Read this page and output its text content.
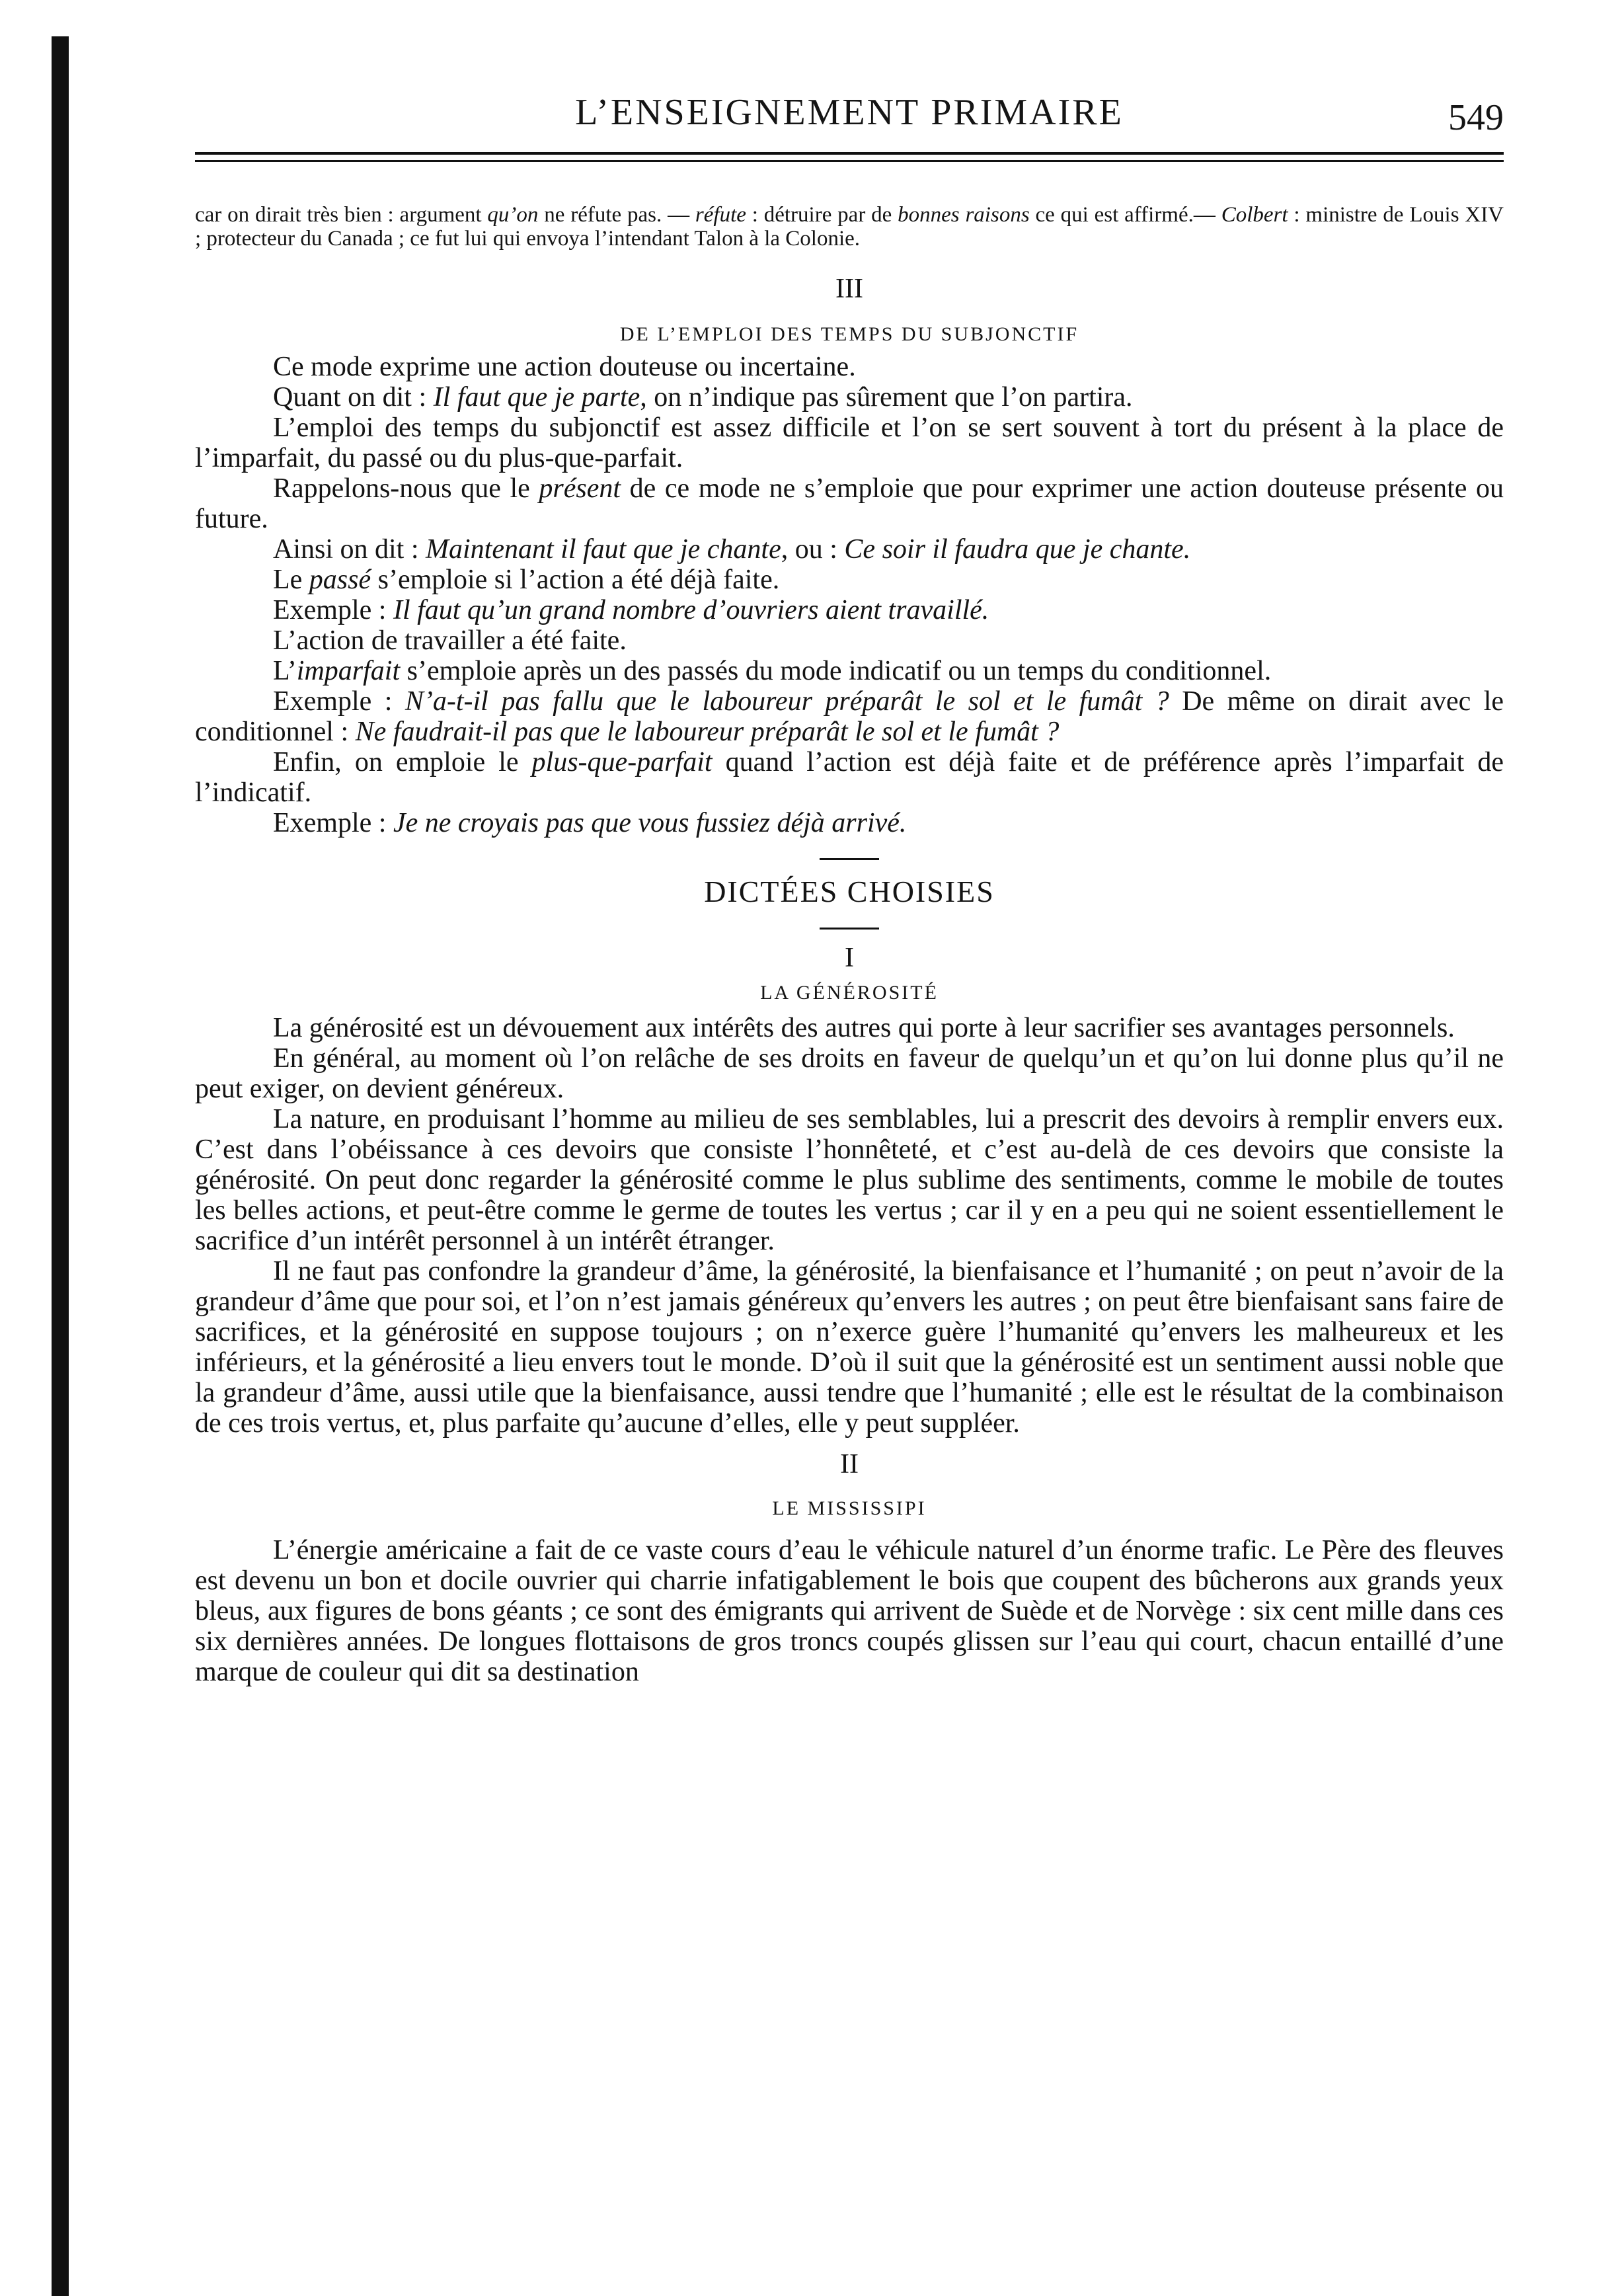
L’ENSEIGNEMENT PRIMAIRE	549

car on dirait très bien : argument qu’on ne réfute pas. — réfute : détruire par de bonnes raisons ce qui est affirmé.— Colbert : ministre de Louis XIV ; protecteur du Canada ; ce fut lui qui envoya l’intendant Talon à la Colonie.

III

DE L’EMPLOI DES TEMPS DU SUBJONCTIF

Ce mode exprime une action douteuse ou incertaine.

Quant on dit : Il faut que je parte, on n’indique pas sûrement que l’on partira.

L’emploi des temps du subjonctif est assez difficile et l’on se sert souvent à tort du présent à la place de l’imparfait, du passé ou du plus-que-parfait.

Rappelons-nous que le présent de ce mode ne s’emploie que pour exprimer une action douteuse présente ou future.

Ainsi on dit : Maintenant il faut que je chante, ou : Ce soir il faudra que je chante.

Le passé s’emploie si l’action a été déjà faite.

Exemple : Il faut qu’un grand nombre d’ouvriers aient travaillé.

L’action de travailler a été faite.

L’imparfait s’emploie après un des passés du mode indicatif ou un temps du conditionnel.

Exemple : N’a-t-il pas fallu que le laboureur préparât le sol et le fumât ? De même on dirait avec le conditionnel : Ne faudrait-il pas que le laboureur préparât le sol et le fumât ?

Enfin, on emploie le plus-que-parfait quand l’action est déjà faite et de préférence après l’imparfait de l’indicatif.

Exemple : Je ne croyais pas que vous fussiez déjà arrivé.

DICTÉES CHOISIES

I

LA GÉNÉROSITÉ

La générosité est un dévouement aux intérêts des autres qui porte à leur sacrifier ses avantages personnels.

En général, au moment où l’on relâche de ses droits en faveur de quelqu’un et qu’on lui donne plus qu’il ne peut exiger, on devient généreux.

La nature, en produisant l’homme au milieu de ses semblables, lui a prescrit des devoirs à remplir envers eux. C’est dans l’obéissance à ces devoirs que consiste l’honnêteté, et c’est au-delà de ces devoirs que consiste la générosité. On peut donc regarder la générosité comme le plus sublime des sentiments, comme le mobile de toutes les belles actions, et peut-être comme le germe de toutes les vertus ; car il y en a peu qui ne soient essentiellement le sacrifice d’un intérêt personnel à un intérêt étranger.

Il ne faut pas confondre la grandeur d’âme, la générosité, la bienfaisance et l’humanité ; on peut n’avoir de la grandeur d’âme que pour soi, et l’on n’est jamais généreux qu’envers les autres ; on peut être bienfaisant sans faire de sacrifices, et la générosité en suppose toujours ; on n’exerce guère l’humanité qu’envers les malheureux et les inférieurs, et la générosité a lieu envers tout le monde. D’où il suit que la générosité est un sentiment aussi noble que la grandeur d’âme, aussi utile que la bienfaisance, aussi tendre que l’humanité ; elle est le résultat de la combinaison de ces trois vertus, et, plus parfaite qu’aucune d’elles, elle y peut suppléer.

II

LE MISSISSIPI

L’énergie américaine a fait de ce vaste cours d’eau le véhicule naturel d’un énorme trafic. Le Père des fleuves est devenu un bon et docile ouvrier qui charrie infatigablement le bois que coupent des bûcherons aux grands yeux bleus, aux figures de bons géants ; ce sont des émigrants qui arrivent de Suède et de Norvège : six cent mille dans ces six dernières années. De longues flottaisons de gros troncs coupés glissen sur l’eau qui court, chacun entaillé d’une marque de couleur qui dit sa destination
